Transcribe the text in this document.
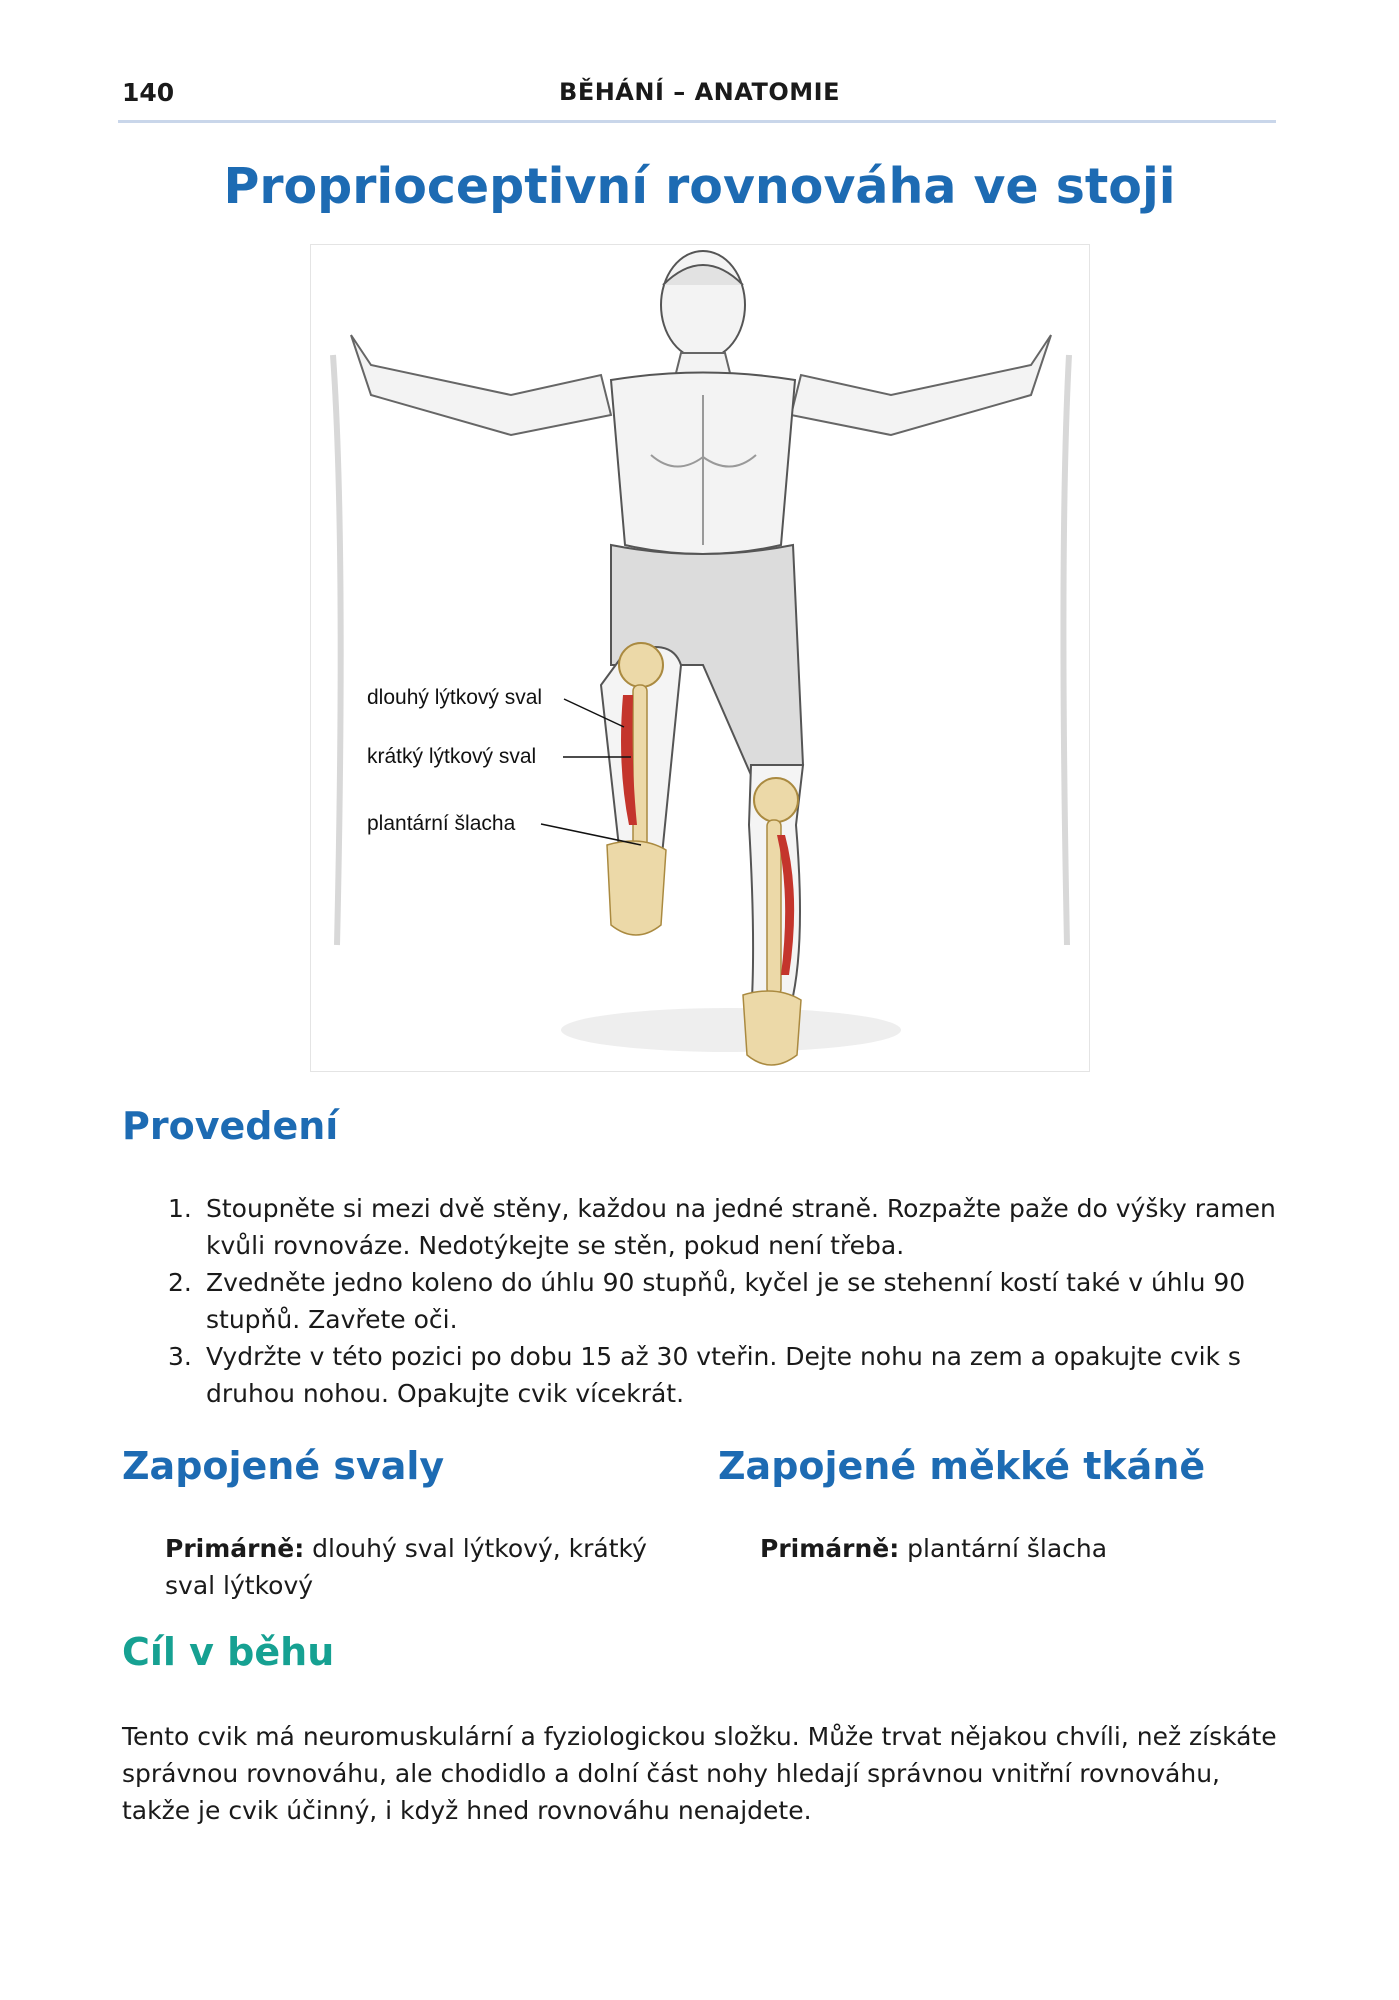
140	BĚHÁNÍ – ANATOMIE
Proprioceptivní rovnováha ve stoji
dlouhý lýtkový sval
krátký lýtkový sval
plantární šlacha
Provedení
1. Stoupněte si mezi dvě stěny, každou na jedné straně. Rozpažte paže do výšky ramen kvůli rovnováze. Nedotýkejte se stěn, pokud není třeba.
2. Zvedněte jedno koleno do úhlu 90 stupňů, kyčel je se stehenní kostí také v úhlu 90 stupňů. Zavřete oči.
3. Vydržte v této pozici po dobu 15 až 30 vteřin. Dejte nohu na zem a opakujte cvik s druhou nohou. Opakujte cvik vícekrát.
Zapojené svaly	Zapojené měkké tkáně

Primárně: dlouhý sval lýtkový, krátký sval lýtkový

Primárně: plantární šlacha

Cíl v běhu

Tento cvik má neuromuskulární a fyziologickou složku. Může trvat nějakou chvíli, než získáte správnou rovnováhu, ale chodidlo a dolní část nohy hledají správnou vnitřní rovnováhu, takže je cvik účinný, i když hned rovnováhu nenajdete.
